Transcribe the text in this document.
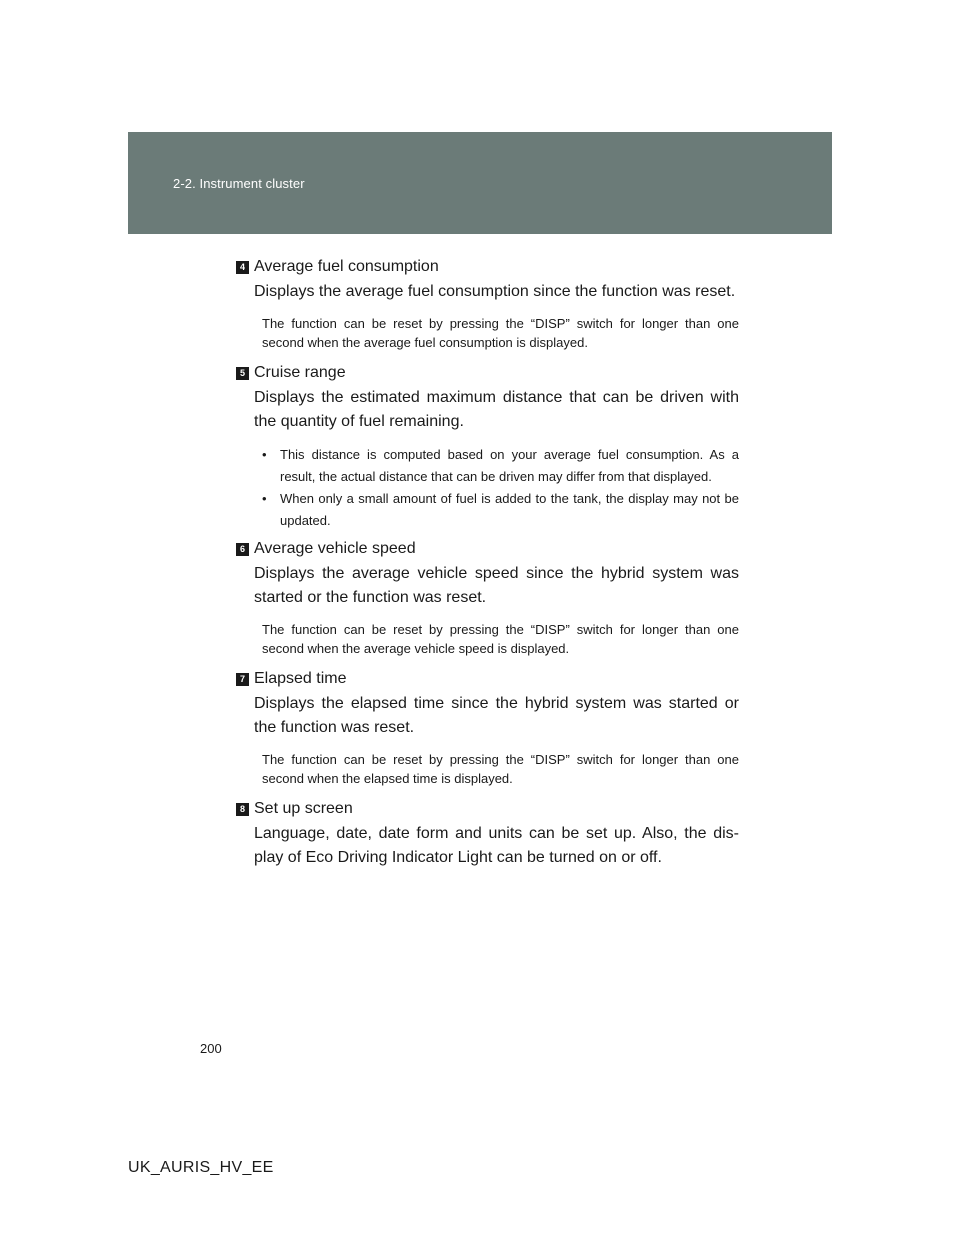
2-2. Instrument cluster
4 Average fuel consumption
Displays the average fuel consumption since the function was reset.
The function can be reset by pressing the “DISP” switch for longer than one second when the average fuel consumption is displayed.
5 Cruise range
Displays the estimated maximum distance that can be driven with the quantity of fuel remaining.
• This distance is computed based on your average fuel consumption. As a result, the actual distance that can be driven may differ from that displayed.
• When only a small amount of fuel is added to the tank, the display may not be updated.
6 Average vehicle speed
Displays the average vehicle speed since the hybrid system was started or the function was reset.
The function can be reset by pressing the “DISP” switch for longer than one second when the average vehicle speed is displayed.
7 Elapsed time
Displays the elapsed time since the hybrid system was started or the function was reset.
The function can be reset by pressing the “DISP” switch for longer than one second when the elapsed time is displayed.
8 Set up screen
Language, date, date form and units can be set up. Also, the dis-play of Eco Driving Indicator Light can be turned on or off.
200
UK_AURIS_HV_EE
